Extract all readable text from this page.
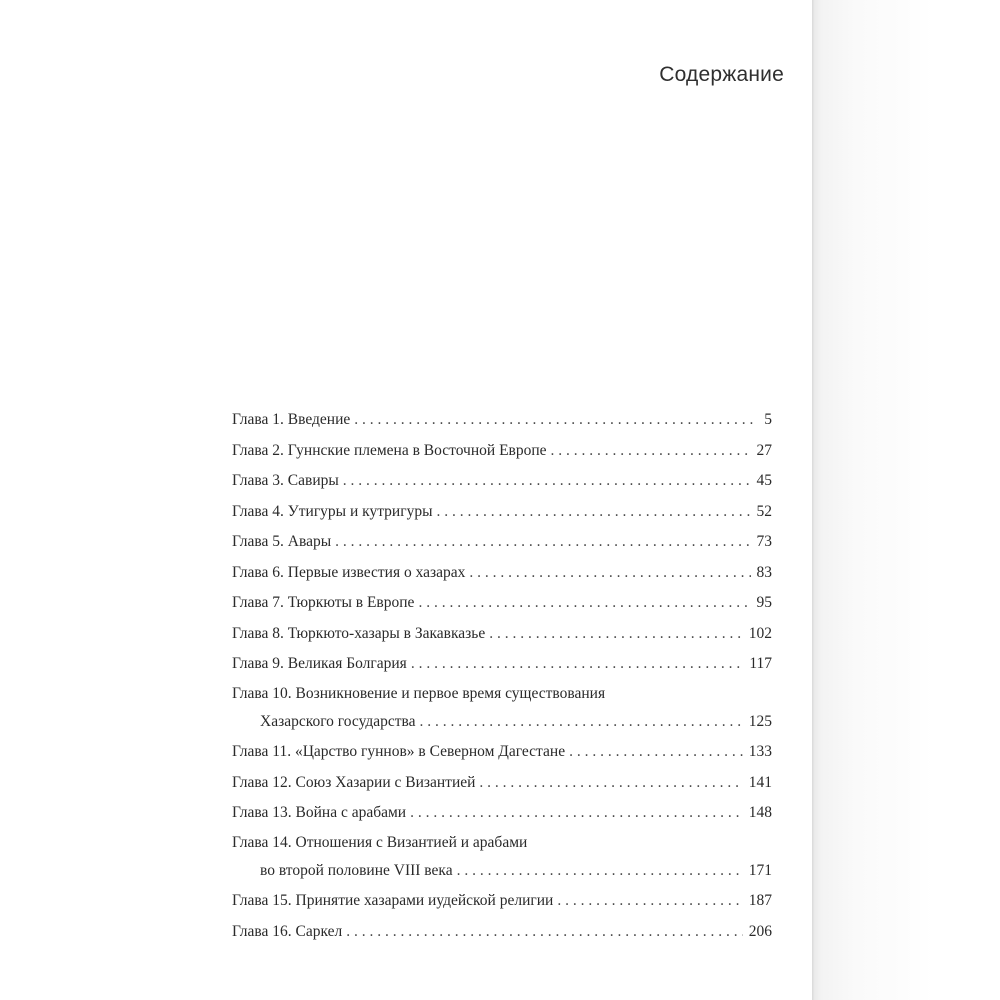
Содержание
Глава 1. Введение . . .	5
Глава 2. Гуннские племена в Восточной Европе . . .	27
Глава 3. Савиры . . .	45
Глава 4. Утигуры и кутригуры . . .	52
Глава 5. Авары . . .	73
Глава 6. Первые известия о хазарах . . .	83
Глава 7. Тюркюты в Европе . . .	95
Глава 8. Тюркюто-хазары в Закавказье . . .	102
Глава 9. Великая Болгария . . .	117
Глава 10. Возникновение и первое время существования
Хазарского государства . . .	125
Глава 11. «Царство гуннов» в Северном Дагестане . . .	133
Глава 12. Союз Хазарии с Византией . . .	141
Глава 13. Война с арабами . . .	148
Глава 14. Отношения с Византией и арабами
во второй половине VIII века . . .	171
Глава 15. Принятие хазарами иудейской религии . . .	187
Глава 16. Саркел . . .	206
